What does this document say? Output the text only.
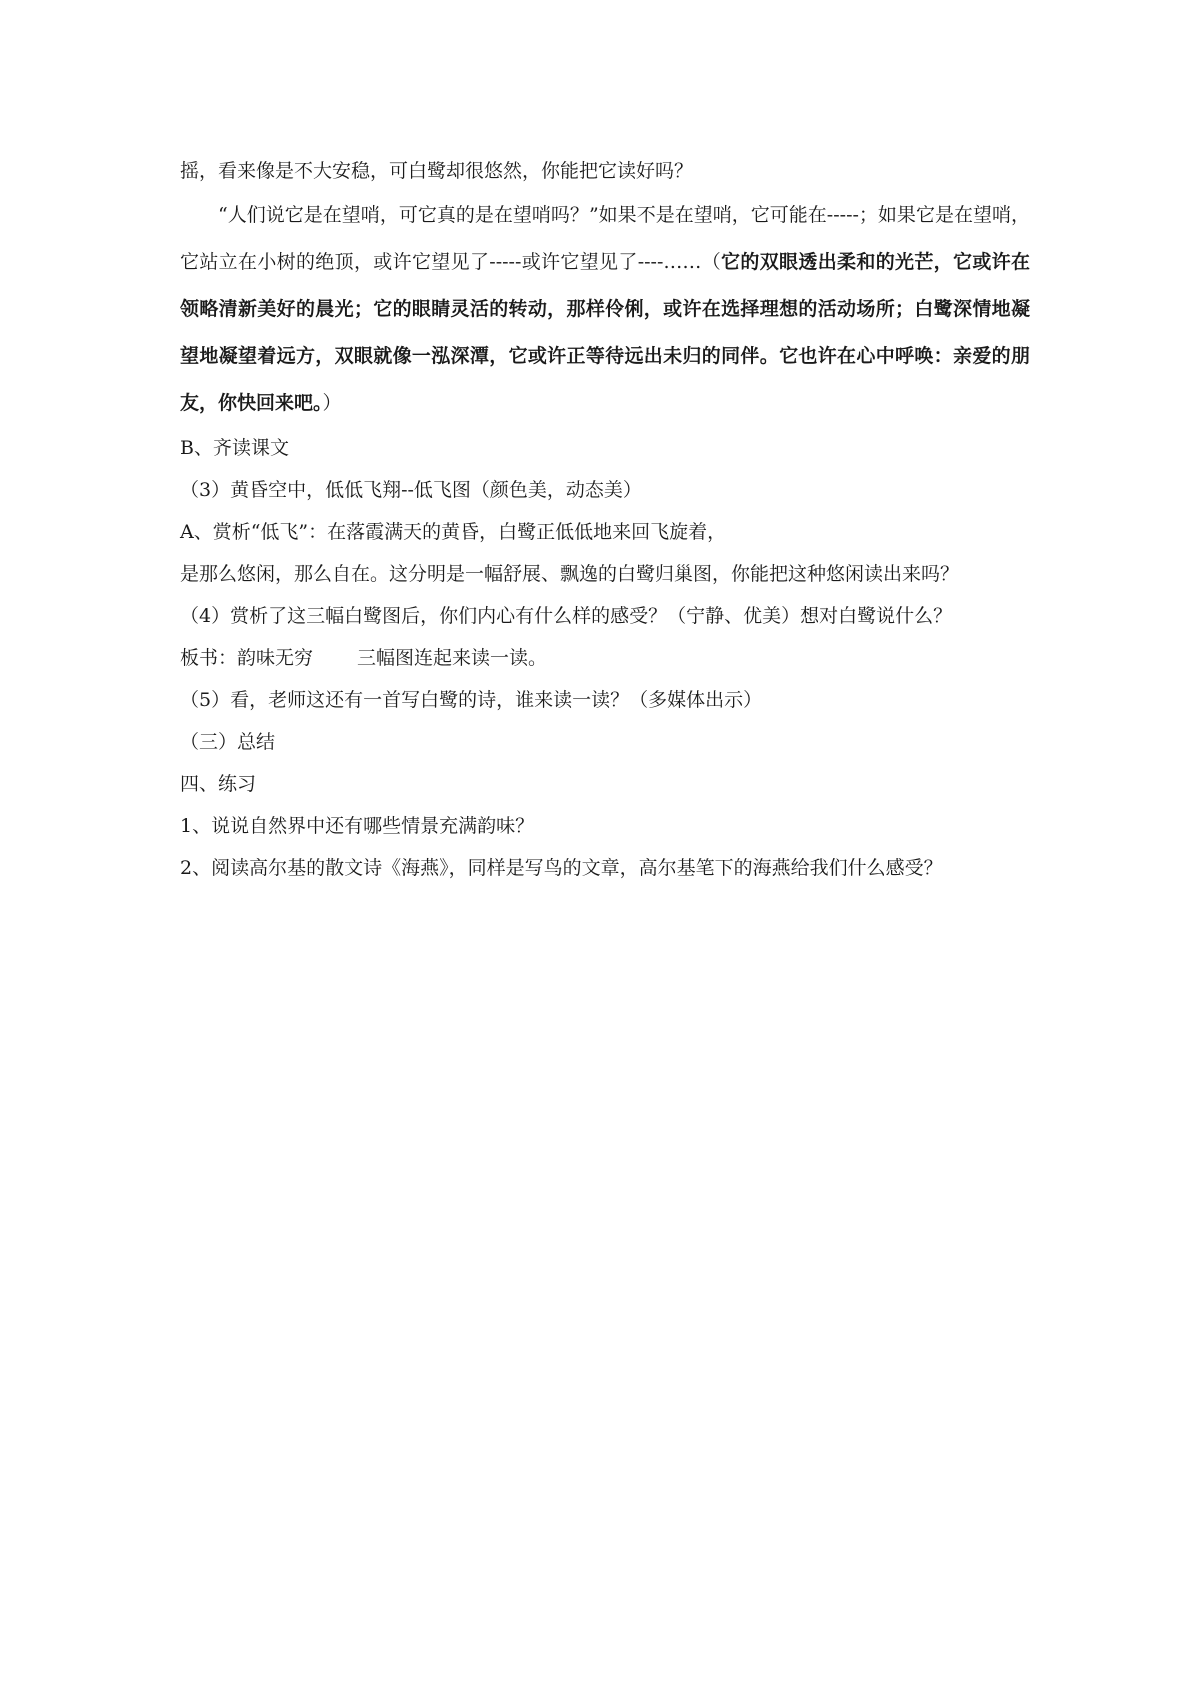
摇，看来像是不大安稳，可白鹭却很悠然，你能把它读好吗？

“人们说它是在望哨，可它真的是在望哨吗？”如果不是在望哨，它可能在-----；如果它是在望哨，它站立在小树的绝顶，或许它望见了-----或许它望见了----……（它的双眼透出柔和的光芒，它或许在领略清新美好的晨光；它的眼睛灵活的转动，那样伶俐，或许在选择理想的活动场所；白鹭深情地凝望地凝望着远方，双眼就像一泓深潭，它或许正等待远出未归的同伴。它也许在心中呼唤：亲爱的朋友，你快回来吧。）

B、齐读课文
（3）黄昏空中，低低飞翔--低飞图（颜色美，动态美）
A、赏析“低飞”：在落霞满天的黄昏，白鹭正低低地来回飞旋着，
是那么悠闲，那么自在。这分明是一幅舒展、飘逸的白鹭归巢图，你能把这种悠闲读出来吗？
（4）赏析了这三幅白鹭图后，你们内心有什么样的感受？（宁静、优美）想对白鹭说什么？
板书：韵味无穷 三幅图连起来读一读。
（5）看，老师这还有一首写白鹭的诗，谁来读一读？（多媒体出示）
（三）总结
四、练习
1、说说自然界中还有哪些情景充满韵味？
2、阅读高尔基的散文诗《海燕》，同样是写鸟的文章，高尔基笔下的海燕给我们什么感受？
